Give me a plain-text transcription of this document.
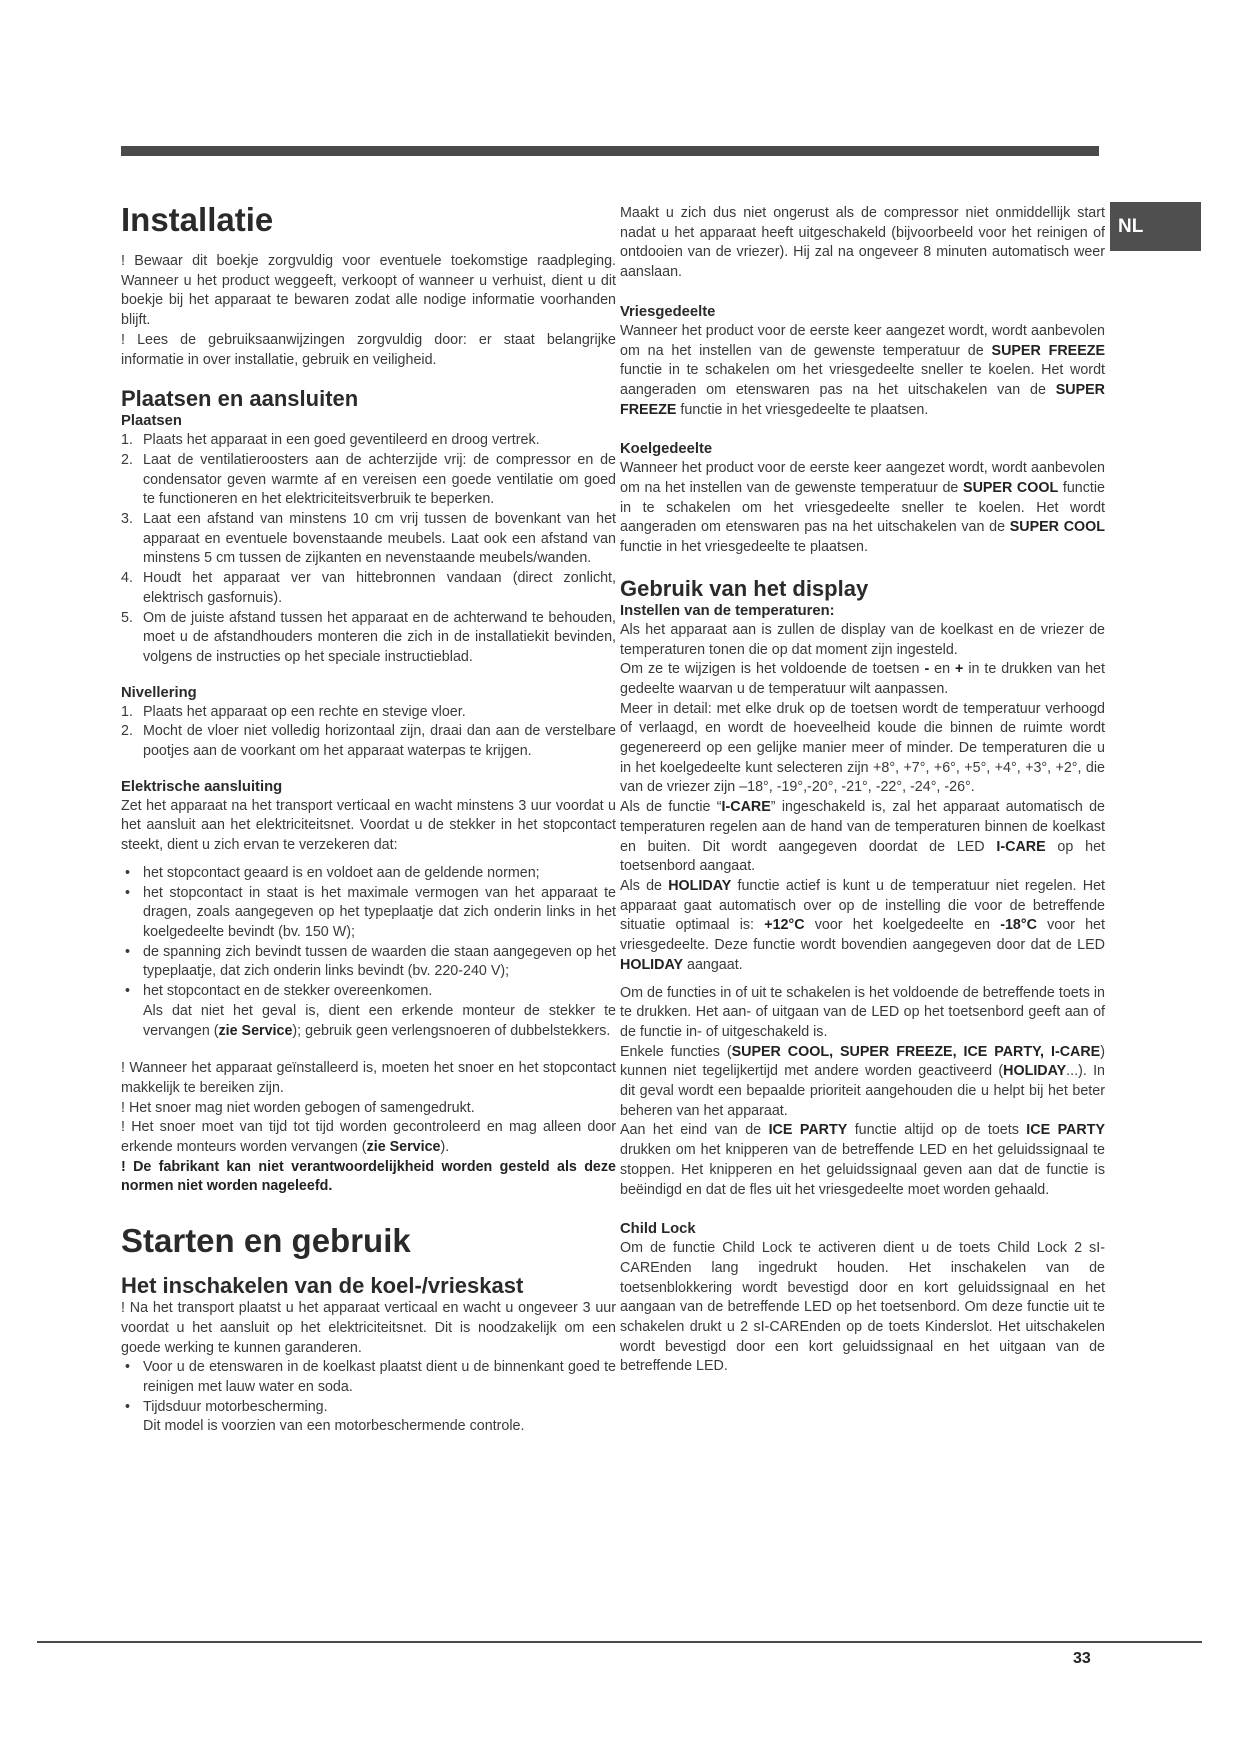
NL
Installatie

! Bewaar dit boekje zorgvuldig voor eventuele toekomstige raadpleging. Wanneer u het product weggeeft, verkoopt of wanneer u verhuist, dient u dit boekje bij het apparaat te bewaren zodat alle nodige informatie voorhanden blijft.

! Lees de gebruiksaanwijzingen zorgvuldig door: er staat belangrijke informatie in over installatie, gebruik en veiligheid.

Plaatsen en aansluiten
Plaatsen
1. Plaats het apparaat in een goed geventileerd en droog vertrek.
2. Laat de ventilatieroosters aan de achterzijde vrij: de compressor en de condensator geven warmte af en vereisen een goede ventilatie om goed te functioneren en het elektriciteitsverbruik te beperken.
3. Laat een afstand van minstens 10 cm vrij tussen de bovenkant van het apparaat en eventuele bovenstaande meubels. Laat ook een afstand van minstens 5 cm tussen de zijkanten en nevenstaande meubels/wanden.
4. Houdt het apparaat ver van hittebronnen vandaan (direct zonlicht, elektrisch gasfornuis).
5. Om de juiste afstand tussen het apparaat en de achterwand te behouden, moet u de afstandhouders monteren die zich in de installatiekit bevinden, volgens de instructies op het speciale instructieblad.
Nivellering
1. Plaats het apparaat op een rechte en stevige vloer.
2. Mocht de vloer niet volledig horizontaal zijn, draai dan aan de verstelbare pootjes aan de voorkant om het apparaat waterpas te krijgen.
Elektrische aansluiting

Zet het apparaat na het transport verticaal en wacht minstens 3 uur voordat u het aansluit aan het elektriciteitsnet. Voordat u de stekker in het stopcontact steekt, dient u zich ervan te verzekeren dat:

• het stopcontact geaard is en voldoet aan de geldende normen;
• het stopcontact in staat is het maximale vermogen van het apparaat te dragen, zoals aangegeven op het typeplaatje dat zich onderin links in het koelgedeelte bevindt (bv. 150 W);
• de spanning zich bevindt tussen de waarden die staan aangegeven op het typeplaatje, dat zich onderin links bevindt (bv. 220-240 V);
• het stopcontact en de stekker overeenkomen.
Als dat niet het geval is, dient een erkende monteur de stekker te vervangen (zie Service); gebruik geen verlengsnoeren of dubbelstekkers.

! Wanneer het apparaat geïnstalleerd is, moeten het snoer en het stopcontact makkelijk te bereiken zijn.

! Het snoer mag niet worden gebogen of samengedrukt.

! Het snoer moet van tijd tot tijd worden gecontroleerd en mag alleen door erkende monteurs worden vervangen (zie Service).

! De fabrikant kan niet verantwoordelijkheid worden gesteld als deze normen niet worden nageleefd.

Starten en gebruik
Het inschakelen van de koel-/vrieskast

! Na het transport plaatst u het apparaat verticaal en wacht u ongeveer 3 uur voordat u het aansluit op het elektriciteitsnet. Dit is noodzakelijk om een goede werking te kunnen garanderen.

• Voor u de etenswaren in de koelkast plaatst dient u de binnenkant goed te reinigen met lauw water en soda.
• Tijdsduur motorbescherming.
Dit model is voorzien van een motorbeschermende controle.

Maakt u zich dus niet ongerust als de compressor niet onmiddellijk start nadat u het apparaat heeft uitgeschakeld (bijvoorbeeld voor het reinigen of ontdooien van de vriezer). Hij zal na ongeveer 8 minuten automatisch weer aanslaan.

Vriesgedeelte

Wanneer het product voor de eerste keer aangezet wordt, wordt aanbevolen om na het instellen van de gewenste temperatuur de SUPER FREEZE functie in te schakelen om het vriesgedeelte sneller te koelen. Het wordt aangeraden om etenswaren pas na het uitschakelen van de SUPER FREEZE functie in het vriesgedeelte te plaatsen.

Koelgedeelte

Wanneer het product voor de eerste keer aangezet wordt, wordt aanbevolen om na het instellen van de gewenste temperatuur de SUPER COOL functie in te schakelen om het vriesgedeelte sneller te koelen. Het wordt aangeraden om etenswaren pas na het uitschakelen van de SUPER COOL functie in het vriesgedeelte te plaatsen.

Gebruik van het display
Instellen van de temperaturen:

Als het apparaat aan is zullen de display van de koelkast en de vriezer de temperaturen tonen die op dat moment zijn ingesteld.

Om ze te wijzigen is het voldoende de toetsen - en + in te drukken van het gedeelte waarvan u de temperatuur wilt aanpassen.

Meer in detail: met elke druk op de toetsen wordt de temperatuur verhoogd of verlaagd, en wordt de hoeveelheid koude die binnen de ruimte wordt gegenereerd op een gelijke manier meer of minder. De temperaturen die u in het koelgedeelte kunt selecteren zijn +8°, +7°, +6°, +5°, +4°, +3°, +2°, die van de vriezer zijn –18°, -19°,-20°, -21°, -22°, -24°, -26°.

Als de functie “I-CARE” ingeschakeld is, zal het apparaat automatisch de temperaturen regelen aan de hand van de temperaturen binnen de koelkast en buiten. Dit wordt aangegeven doordat de LED I-CARE op het toetsenbord aangaat.

Als de HOLIDAY functie actief is kunt u de temperatuur niet regelen. Het apparaat gaat automatisch over op de instelling die voor de betreffende situatie optimaal is: +12°C voor het koelgedeelte en -18°C voor het vriesgedeelte. Deze functie wordt bovendien aangegeven door dat de LED HOLIDAY aangaat.

Om de functies in of uit te schakelen is het voldoende de betreffende toets in te drukken. Het aan- of uitgaan van de LED op het toetsenbord geeft aan of de functie in- of uitgeschakeld is.

Enkele functies (SUPER COOL, SUPER FREEZE, ICE PARTY, I-CARE) kunnen niet tegelijkertijd met andere worden geactiveerd (HOLIDAY...). In dit geval wordt een bepaalde prioriteit aangehouden die u helpt bij het beter beheren van het apparaat.

Aan het eind van de ICE PARTY functie altijd op de toets ICE PARTY drukken om het knipperen van de betreffende LED en het geluidssignaal te stoppen. Het knipperen en het geluidssignaal geven aan dat de functie is beëindigd en dat de fles uit het vriesgedeelte moet worden gehaald.

Child Lock

Om de functie Child Lock te activeren dient u de toets Child Lock 2 sI-CAREnden lang ingedrukt houden. Het inschakelen van de toetsenblokkering wordt bevestigd door en kort geluidssignaal en het aangaan van de betreffende LED op het toetsenbord. Om deze functie uit te schakelen drukt u 2 sI-CAREnden op de toets Kinderslot. Het uitschakelen wordt bevestigd door een kort geluidssignaal en het uitgaan van de betreffende LED.

33
